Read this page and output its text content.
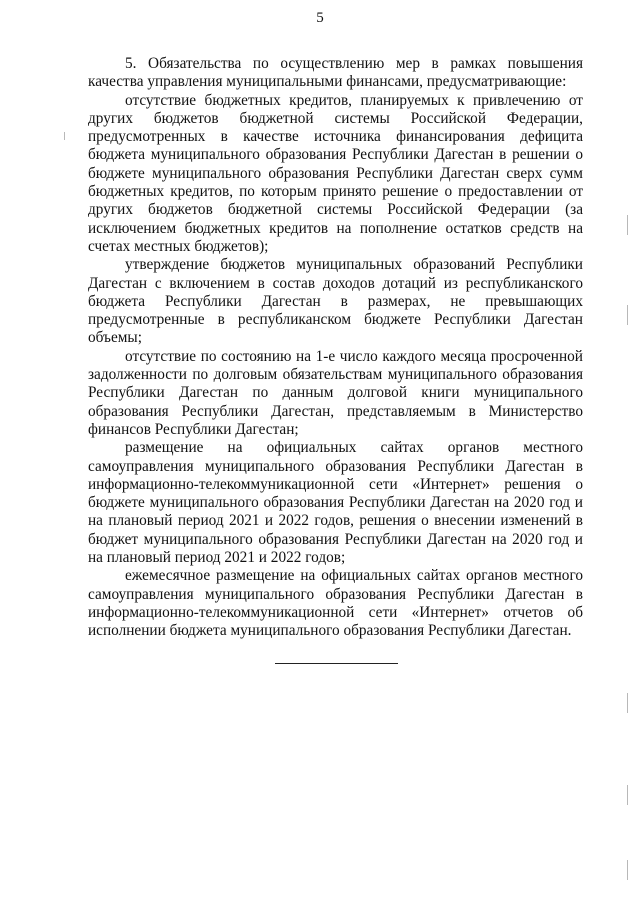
5

5. Обязательства по осуществлению мер в рамках повышения качества управления муниципальными финансами, предусматривающие:

отсутствие бюджетных кредитов, планируемых к привлечению от других бюджетов бюджетной системы Российской Федерации, предусмотренных в качестве источника финансирования дефицита бюджета муниципального образования Республики Дагестан в решении о бюджете муниципального образования Республики Дагестан сверх сумм бюджетных кредитов, по которым принято решение о предоставлении от других бюджетов бюджетной системы Российской Федерации (за исключением бюджетных кредитов на пополнение остатков средств на счетах местных бюджетов);

утверждение бюджетов муниципальных образований Республики Дагестан с включением в состав доходов дотаций из республиканского бюджета Республики Дагестан в размерах, не превышающих предусмотренные в республиканском бюджете Республики Дагестан объемы;

отсутствие по состоянию на 1-е число каждого месяца просроченной задолженности по долговым обязательствам муниципального образования Республики Дагестан по данным долговой книги муниципального образования Республики Дагестан, представляемым в Министерство финансов Республики Дагестан;

размещение на официальных сайтах органов местного самоуправления муниципального образования Республики Дагестан в информационно-телекоммуникационной сети «Интернет» решения о бюджете муниципального образования Республики Дагестан на 2020 год и на плановый период 2021 и 2022 годов, решения о внесении изменений в бюджет муниципального образования Республики Дагестан на 2020 год и на плановый период 2021 и 2022 годов;

ежемесячное размещение на официальных сайтах органов местного самоуправления муниципального образования Республики Дагестан в информационно-телекоммуникационной сети «Интернет» отчетов об исполнении бюджета муниципального образования Республики Дагестан.
